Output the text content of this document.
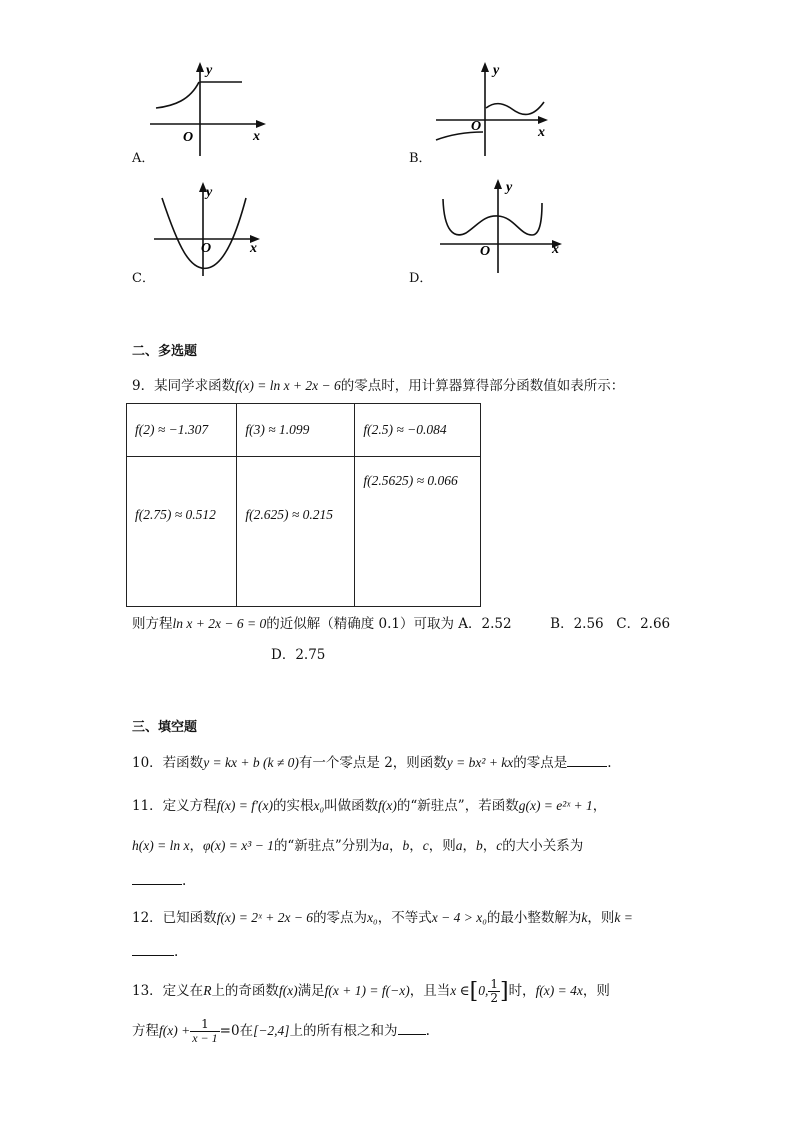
y
x
O
A．
y
x
O
B．
y
x
O
C．
y
x
O
D．
二、多选题
9．某同学求函数f(x) = ln x + 2x − 6的零点时，用计算器算得部分函数值如表所示：
f(2) ≈ −1.307	f(3) ≈ 1.099	f(2.5) ≈ −0.084
f(2.75) ≈ 0.512	f(2.625) ≈ 0.215	f(2.5625) ≈ 0.066
则方程ln x + 2x − 6 = 0的近似解（精确度 0.1）可取为 A．2.52	B．2.56 C．2.66
D．2.75
三、填空题
10．若函数y = kx + b (k ≠ 0)有一个零点是 2，则函数y = bx² + kx的零点是	.
11．定义方程f(x) = f′(x)的实根x₀叫做函数f(x)的“新驻点”，若函数g(x) = e²ˣ + 1，
h(x) = ln x，φ(x) = x³ − 1的“新驻点”分别为a，b，c，则a，b，c的大小关系为
.
12．已知函数f(x) = 2ˣ + 2x − 6的零点为x₀，不等式x − 4 > x₀的最小整数解为k，则k =
.
13．定义在R上的奇函数f(x)满足f(x + 1) = f(−x)，且当x ∈[0, $\frac{1}{2}$ ]时，f(x) = 4x，则
方程$f(x) + \frac{1}{x - 1} =0$在[−2,4]上的所有根之和为 .
